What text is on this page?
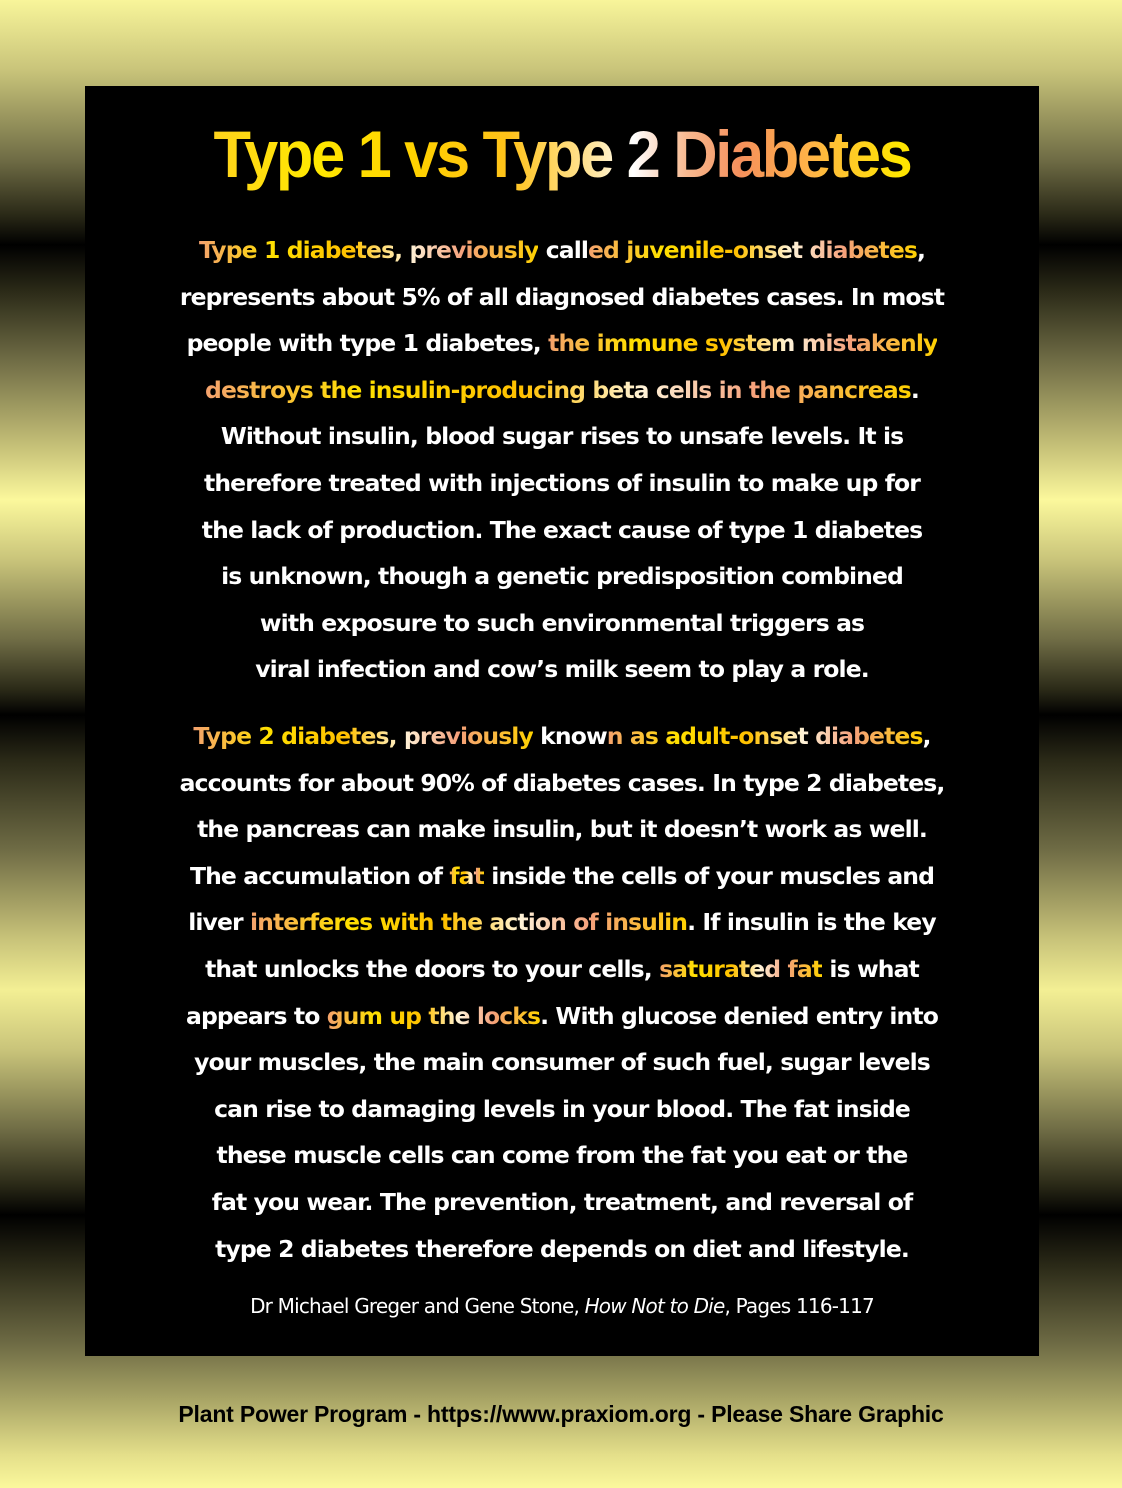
Type 1 vs Type 2 Diabetes
Type 1 diabetes, previously called juvenile-onset diabetes,
represents about 5% of all diagnosed diabetes cases. In most
people with type 1 diabetes, the immune system mistakenly
destroys the insulin-producing beta cells in the pancreas.
Without insulin, blood sugar rises to unsafe levels. It is
therefore treated with injections of insulin to make up for
the lack of production. The exact cause of type 1 diabetes
is unknown, though a genetic predisposition combined
with exposure to such environmental triggers as
viral infection and cow’s milk seem to play a role.
Type 2 diabetes, previously known as adult-onset diabetes,
accounts for about 90% of diabetes cases. In type 2 diabetes,
the pancreas can make insulin, but it doesn’t work as well.
The accumulation of fat inside the cells of your muscles and
liver interferes with the action of insulin. If insulin is the key
that unlocks the doors to your cells, saturated fat is what
appears to gum up the locks. With glucose denied entry into
your muscles, the main consumer of such fuel, sugar levels
can rise to damaging levels in your blood. The fat inside
these muscle cells can come from the fat you eat or the
fat you wear. The prevention, treatment, and reversal of
type 2 diabetes therefore depends on diet and lifestyle.
Dr Michael Greger and Gene Stone, How Not to Die, Pages 116-117
Plant Power Program - https://www.praxiom.org - Please Share Graphic
